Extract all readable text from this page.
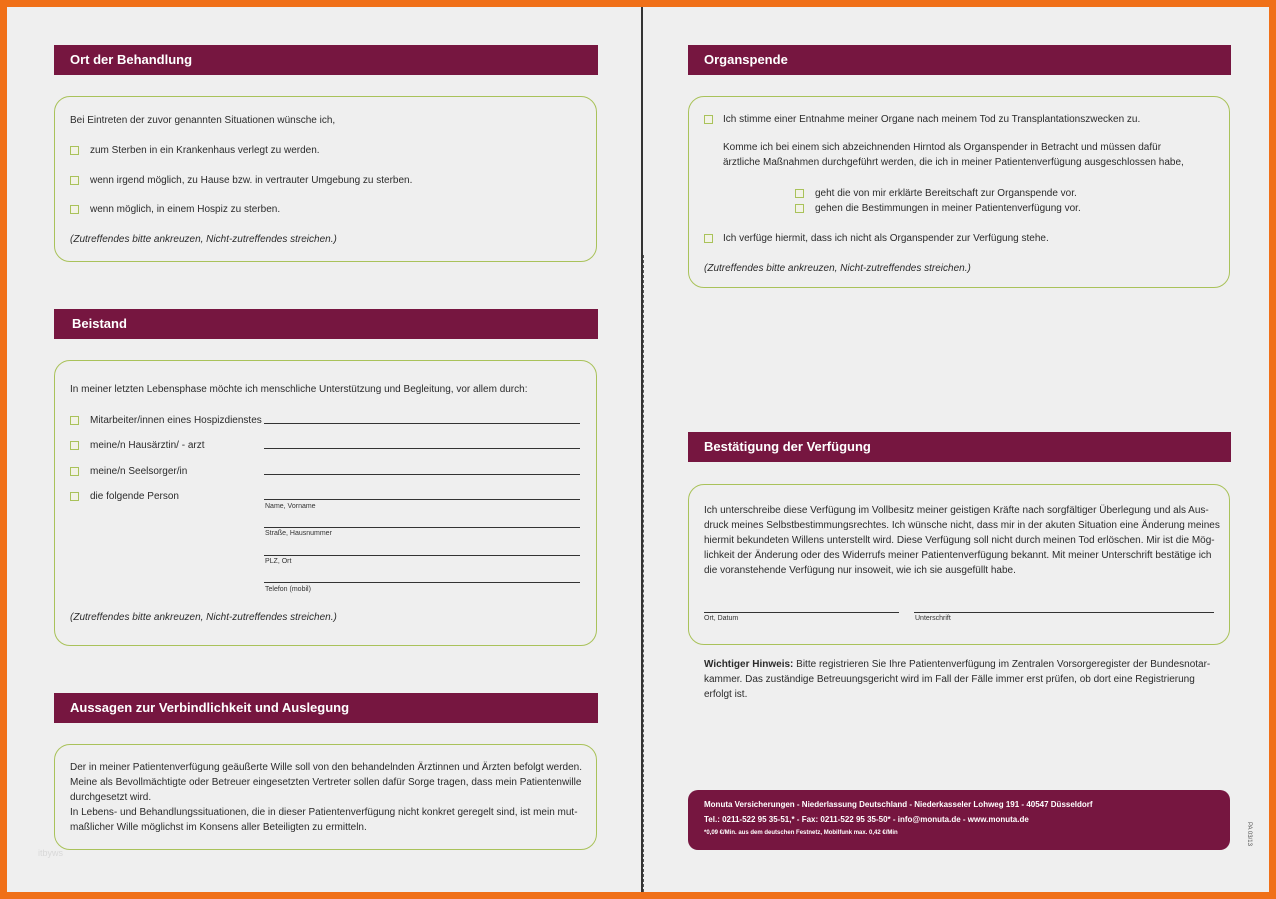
Ort der Behandlung
Bei Eintreten der zuvor genannten Situationen wünsche ich,
zum Sterben in ein Krankenhaus verlegt zu werden.
wenn irgend möglich, zu Hause bzw. in vertrauter Umgebung zu sterben.
wenn möglich, in einem Hospiz zu sterben.
(Zutreffendes bitte ankreuzen, Nicht-zutreffendes streichen.)
Beistand
In meiner letzten Lebensphase möchte ich menschliche Unterstützung und Begleitung, vor allem durch:
Mitarbeiter/innen eines Hospizdienstes
meine/n Hausärztin/ - arzt
meine/n Seelsorger/in
die folgende Person
Name, Vorname
Straße, Hausnummer
PLZ, Ort
Telefon (mobil)
(Zutreffendes bitte ankreuzen, Nicht-zutreffendes streichen.)
Aussagen zur Verbindlichkeit und Auslegung
Der in meiner Patientenverfügung geäußerte Wille soll von den behandelnden Ärztinnen und Ärzten befolgt werden.
Meine als Bevollmächtigte oder Betreuer eingesetzten Vertreter sollen dafür Sorge tragen, dass mein Patientenwille
durchgesetzt wird.
In Lebens- und Behandlungssituationen, die in dieser Patientenverfügung nicht konkret geregelt sind, ist mein mut-
maßlicher Wille möglichst im Konsens aller Beteiligten zu ermitteln.
itbyws
Organspende
Ich stimme einer Entnahme meiner Organe nach meinem Tod zu Transplantationszwecken zu.
Komme ich bei einem sich abzeichnenden Hirntod als Organspender in Betracht und müssen dafür
ärztliche Maßnahmen durchgeführt werden, die ich in meiner Patientenverfügung ausgeschlossen habe,
geht die von mir erklärte Bereitschaft zur Organspende vor.
gehen die Bestimmungen in meiner Patientenverfügung vor.
Ich verfüge hiermit, dass ich nicht als Organspender zur Verfügung stehe.
(Zutreffendes bitte ankreuzen, Nicht-zutreffendes streichen.)
Bestätigung der Verfügung
Ich unterschreibe diese Verfügung im Vollbesitz meiner geistigen Kräfte nach sorgfältiger Überlegung und als Aus-
druck meines Selbstbestimmungsrechtes. Ich wünsche nicht, dass mir in der akuten Situation eine Änderung meines
hiermit bekundeten Willens unterstellt wird. Diese Verfügung soll nicht durch meinen Tod erlöschen. Mir ist die Mög-
lichkeit der Änderung oder des Widerrufs meiner Patientenverfügung bekannt. Mit meiner Unterschrift bestätige ich
die voranstehende Verfügung nur insoweit, wie ich sie ausgefüllt habe.
Ort, Datum	Unterschrift
Wichtiger Hinweis: Bitte registrieren Sie Ihre Patientenverfügung im Zentralen Vorsorgeregister der Bundesnotar-
kammer. Das zuständige Betreuungsgericht wird im Fall der Fälle immer erst prüfen, ob dort eine Registrierung
erfolgt ist.
Monuta Versicherungen - Niederlassung Deutschland - Niederkasseler Lohweg 191 - 40547 Düsseldorf
Tel.: 0211-522 95 35-51,* - Fax: 0211-522 95 35-50* - info@monuta.de - www.monuta.de
*0,09 €/Min. aus dem deutschen Festnetz, Mobilfunk max. 0,42 €/Min	PA 03/13
